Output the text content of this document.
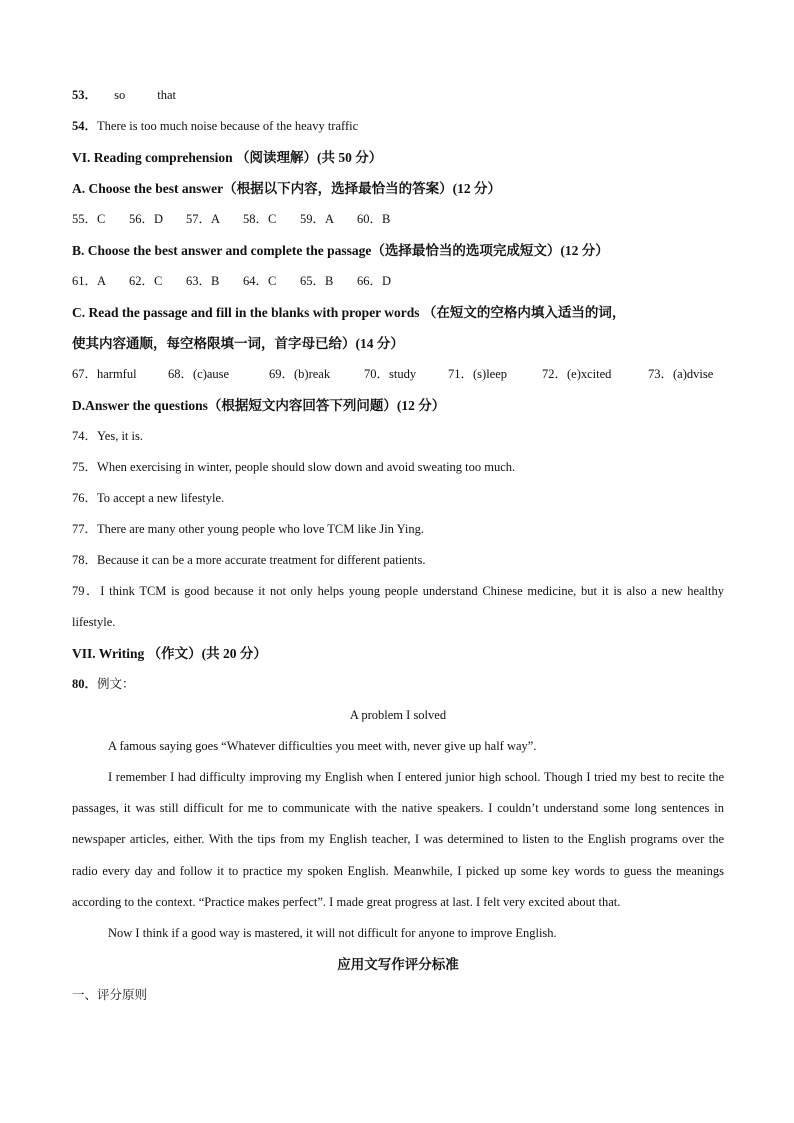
53． so	that
54．There is too much noise because of the heavy traffic
VI. Reading comprehension （阅读理解）(共 50 分）
A. Choose the best answer（根据以下内容，选择最恰当的答案）(12 分）
55．C 56．D 57．A 58．C 59．A 60．B
B. Choose the best answer and complete the passage（选择最恰当的选项完成短文）(12 分）
61．A 62．C 63．B 64．C 65．B 66．D
C. Read the passage and fill in the blanks with proper words （在短文的空格内填入适当的词，
使其内容通顺，每空格限填一词，首字母已给）(14 分）
67．harmful	68．(c)ause	69．(b)reak	70．study	71．(s)leep	72．(e)xcited	73．(a)dvise
D.Answer the questions（根据短文内容回答下列问题）(12 分）
74．Yes, it is.
75．When exercising in winter, people should slow down and avoid sweating too much.
76．To accept a new lifestyle.
77．There are many other young people who love TCM like Jin Ying.
78．Because it can be a more accurate treatment for different patients.

79．I think TCM is good because it not only helps young people understand Chinese medicine, but it is also a new healthy lifestyle.

VII. Writing （作文）(共 20 分）
80．例文：
A problem I solved

A famous saying goes “Whatever difficulties you meet with, never give up half way”.

I remember I had difficulty improving my English when I entered junior high school. Though I tried my best to recite the passages, it was still difficult for me to communicate with the native speakers. I couldn’t understand some long sentences in newspaper articles, either. With the tips from my English teacher, I was determined to listen to the English programs over the radio every day and follow it to practice my spoken English. Meanwhile, I picked up some key words to guess the meanings according to the context. “Practice makes perfect”. I made great progress at last. I felt very excited about that.

Now I think if a good way is mastered, it will not difficult for anyone to improve English.

应用文写作评分标准
一、评分原则
